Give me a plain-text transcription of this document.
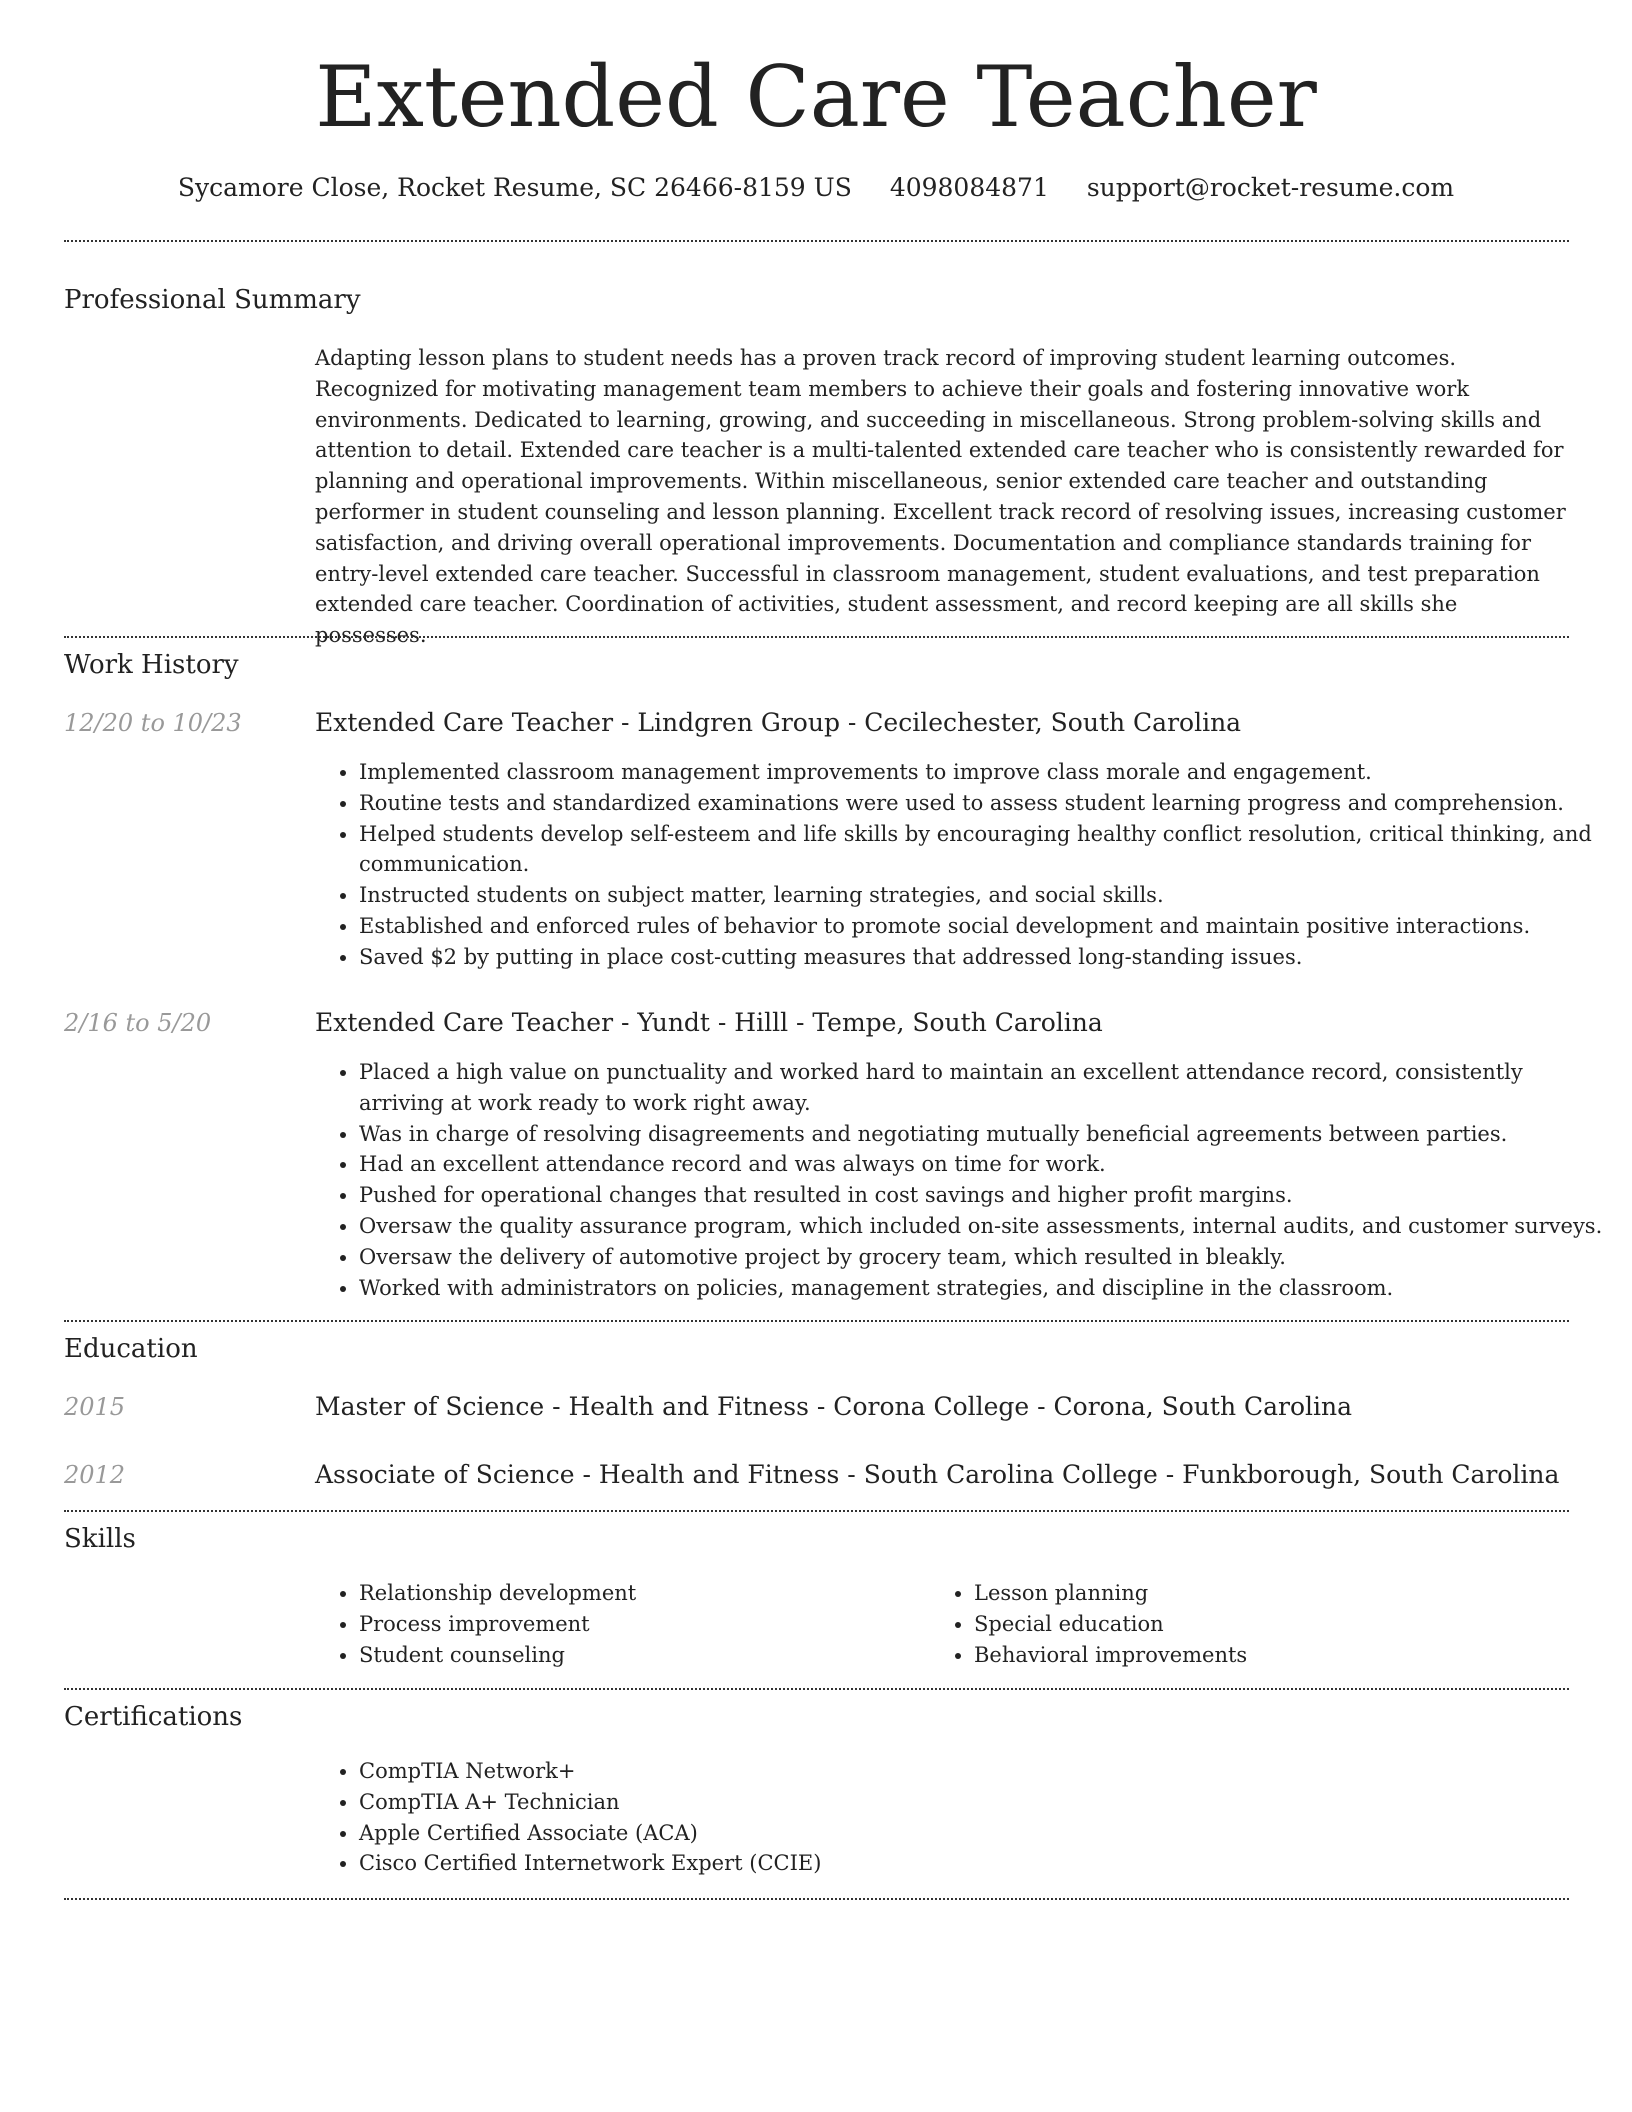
Extended Care Teacher
Sycamore Close, Rocket Resume, SC 26466-8159 US 4098084871 support@rocket-resume.com
Professional Summary

Adapting lesson plans to student needs has a proven track record of improving student learning outcomes. Recognized for motivating management team members to achieve their goals and fostering innovative work environments. Dedicated to learning, growing, and succeeding in miscellaneous. Strong problem-solving skills and attention to detail. Extended care teacher is a multi-talented extended care teacher who is consistently rewarded for planning and operational improvements. Within miscellaneous, senior extended care teacher and outstanding performer in student counseling and lesson planning. Excellent track record of resolving issues, increasing customer satisfaction, and driving overall operational improvements. Documentation and compliance standards training for entry-level extended care teacher. Successful in classroom management, student evaluations, and test preparation extended care teacher. Coordination of activities, student assessment, and record keeping are all skills she possesses.

Work History
12/20 to 10/23	Extended Care Teacher - Lindgren Group - Cecilechester, South Carolina
• Implemented classroom management improvements to improve class morale and engagement.
• Routine tests and standardized examinations were used to assess student learning progress and comprehension.
• Helped students develop self-esteem and life skills by encouraging healthy conflict resolution, critical thinking, and communication.
• Instructed students on subject matter, learning strategies, and social skills.
• Established and enforced rules of behavior to promote social development and maintain positive interactions.
• Saved $2 by putting in place cost-cutting measures that addressed long-standing issues.
2/16 to 5/20	Extended Care Teacher - Yundt - Hilll - Tempe, South Carolina
• Placed a high value on punctuality and worked hard to maintain an excellent attendance record, consistently arriving at work ready to work right away.
• Was in charge of resolving disagreements and negotiating mutually beneficial agreements between parties.
• Had an excellent attendance record and was always on time for work.
• Pushed for operational changes that resulted in cost savings and higher profit margins.
• Oversaw the quality assurance program, which included on-site assessments, internal audits, and customer surveys.
• Oversaw the delivery of automotive project by grocery team, which resulted in bleakly.
• Worked with administrators on policies, management strategies, and discipline in the classroom.
Education
2015	Master of Science - Health and Fitness - Corona College - Corona, South Carolina
2012	Associate of Science - Health and Fitness - South Carolina College - Funkborough, South Carolina
Skills
• Relationship development
• Process improvement
• Student counseling
• Lesson planning
• Special education
• Behavioral improvements
Certifications
• CompTIA Network+
• CompTIA A+ Technician
• Apple Certified Associate (ACA)
• Cisco Certified Internetwork Expert (CCIE)
